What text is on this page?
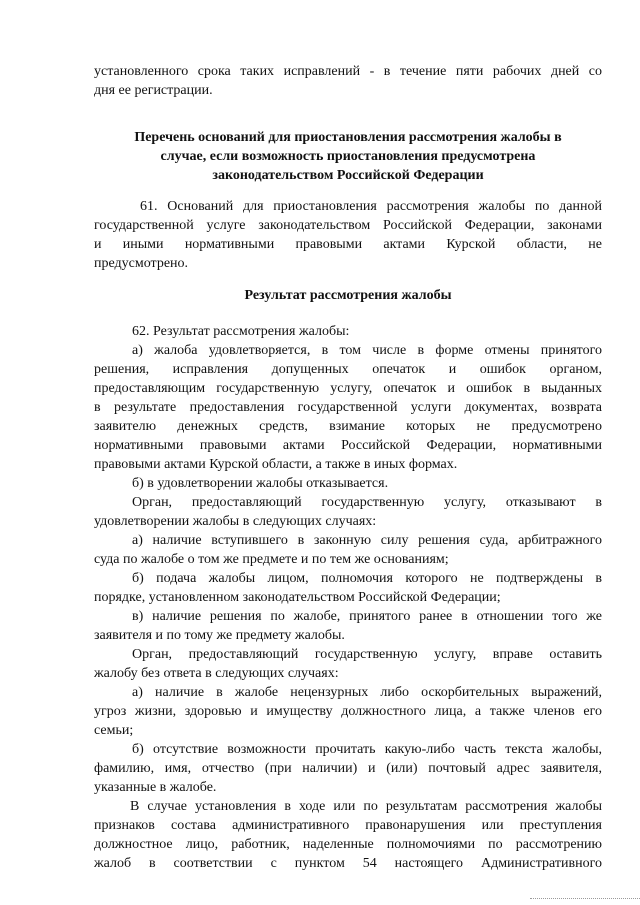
установленного срока таких исправлений - в течение пяти рабочих дней со
дня ее регистрации.
Перечень оснований для приостановления рассмотрения жалобы в
случае, если возможность приостановления предусмотрена
законодательством Российской Федерации
61. Оснований для приостановления рассмотрения жалобы по данной
государственной услуге законодательством Российской Федерации, законами
и иными нормативными правовыми актами Курской области, не
предусмотрено.
Результат рассмотрения жалобы
62. Результат рассмотрения жалобы:
а) жалоба удовлетворяется, в том числе в форме отмены принятого
решения, исправления допущенных опечаток и ошибок органом,
предоставляющим государственную услугу, опечаток и ошибок в выданных
в результате предоставления государственной услуги документах, возврата
заявителю денежных средств, взимание которых не предусмотрено
нормативными правовыми актами Российской Федерации, нормативными
правовыми актами Курской области, а также в иных формах.
б) в удовлетворении жалобы отказывается.
Орган, предоставляющий государственную услугу, отказывают в
удовлетворении жалобы в следующих случаях:
а) наличие вступившего в законную силу решения суда, арбитражного
суда по жалобе о том же предмете и по тем же основаниям;
б) подача жалобы лицом, полномочия которого не подтверждены в
порядке, установленном законодательством Российской Федерации;
в) наличие решения по жалобе, принятого ранее в отношении того же
заявителя и по тому же предмету жалобы.
Орган, предоставляющий государственную услугу, вправе оставить
жалобу без ответа в следующих случаях:
а) наличие в жалобе нецензурных либо оскорбительных выражений,
угроз жизни, здоровью и имуществу должностного лица, а также членов его
семьи;
б) отсутствие возможности прочитать какую-либо часть текста жалобы,
фамилию, имя, отчество (при наличии) и (или) почтовый адрес заявителя,
указанные в жалобе.
В случае установления в ходе или по результатам рассмотрения жалобы
признаков состава административного правонарушения или преступления
должностное лицо, работник, наделенные полномочиями по рассмотрению
жалоб в соответствии с пунктом 54 настоящего Административного
